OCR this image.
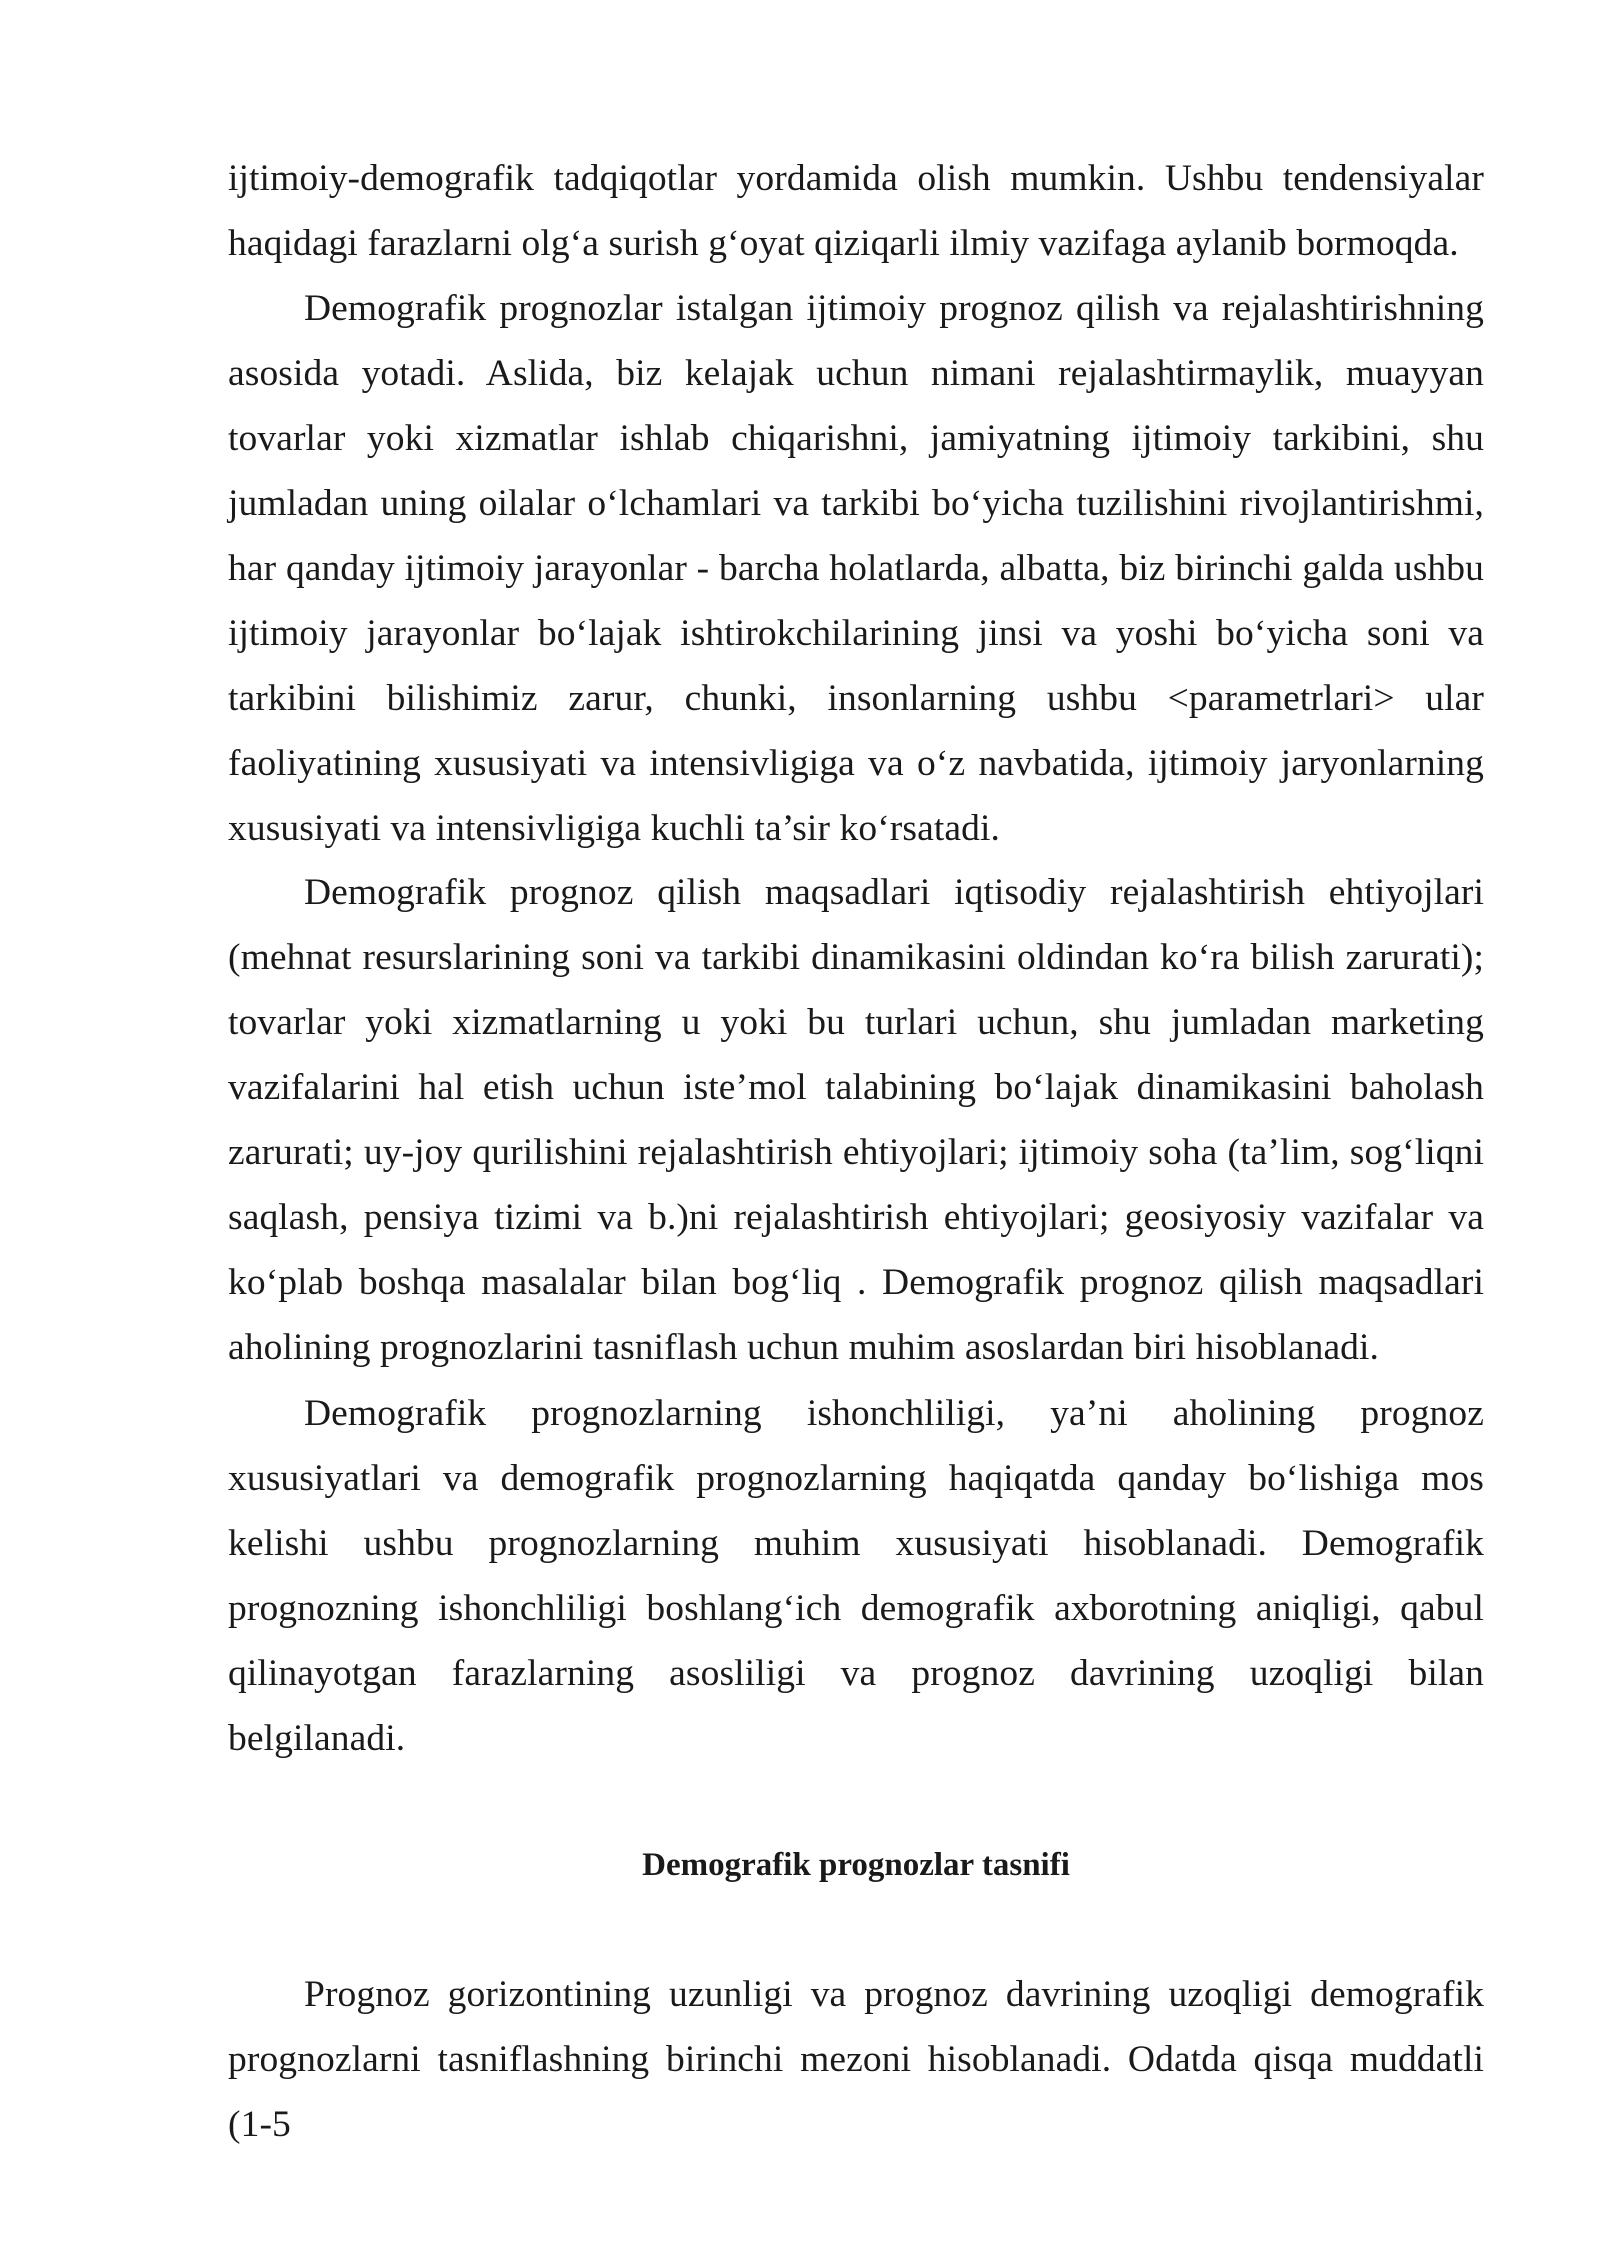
ijtimoiy-demografik tadqiqotlar yordamida olish mumkin. Ushbu tendensiyalar haqidagi farazlarni olg‘a surish g‘oyat qiziqarli ilmiy vazifaga aylanib bormoqda.

Demografik prognozlar istalgan ijtimoiy prognoz qilish va rejalashtirishning asosida yotadi. Aslida, biz kelajak uchun nimani rejalashtirmaylik, muayyan tovarlar yoki xizmatlar ishlab chiqarishni, jamiyatning ijtimoiy tarkibini, shu jumladan uning oilalar o‘lchamlari va tarkibi bo‘yicha tuzilishini rivojlantirishmi, har qanday ijtimoiy jarayonlar - barcha holatlarda, albatta, biz birinchi galda ushbu ijtimoiy jarayonlar bo‘lajak ishtirokchilarining jinsi va yoshi bo‘yicha soni va tarkibini bilishimiz zarur, chunki, insonlarning ushbu <parametrlari> ular faoliyatining xususiyati va intensivligiga va o‘z navbatida, ijtimoiy jaryonlarning xususiyati va intensivligiga kuchli ta’sir ko‘rsatadi.

Demografik prognoz qilish maqsadlari iqtisodiy rejalashtirish ehtiyojlari (mehnat resurslarining soni va tarkibi dinamikasini oldindan ko‘ra bilish zarurati); tovarlar yoki xizmatlarning u yoki bu turlari uchun, shu jumladan marketing vazifalarini hal etish uchun iste’mol talabining bo‘lajak dinamikasini baholash zarurati; uy-joy qurilishini rejalashtirish ehtiyojlari; ijtimoiy soha (ta’lim, sog‘liqni saqlash, pensiya tizimi va b.)ni rejalashtirish ehtiyojlari; geosiyosiy vazifalar va ko‘plab boshqa masalalar bilan bog‘liq . Demografik prognoz qilish maqsadlari aholining prognozlarini tasniflash uchun muhim asoslardan biri hisoblanadi.

Demografik prognozlarning ishonchliligi, ya’ni aholining prognoz xususiyatlari va demografik prognozlarning haqiqatda qanday bo‘lishiga mos kelishi ushbu prognozlarning muhim xususiyati hisoblanadi. Demografik prognozning ishonchliligi boshlang‘ich demografik axborotning aniqligi, qabul qilinayotgan farazlarning asosliligi va prognoz davrining uzoqligi bilan belgilanadi.

Demografik prognozlar tasnifi

Prognoz gorizontining uzunligi va prognoz davrining uzoqligi demografik prognozlarni tasniflashning birinchi mezoni hisoblanadi. Odatda qisqa muddatli (1-5
